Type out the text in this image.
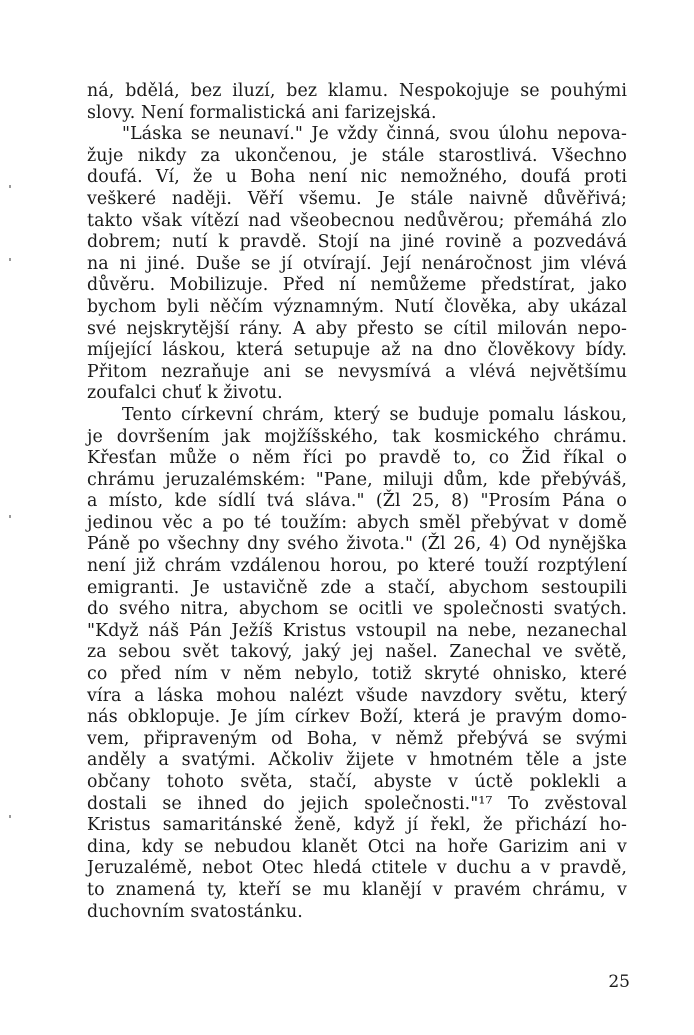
ná, bdělá, bez iluzí, bez klamu. Nespokojuje se pouhými
slovy. Není formalistická ani farizejská.
"Láska se neunaví." Je vždy činná, svou úlohu nepova-
žuje nikdy za ukončenou, je stále starostlivá. Všechno
doufá. Ví, že u Boha není nic nemožného, doufá proti
veškeré naději. Věří všemu. Je stále naivně důvěřivá;
takto však vítězí nad všeobecnou nedůvěrou; přemáhá zlo
dobrem; nutí k pravdě. Stojí na jiné rovině a pozvedává
na ni jiné. Duše se jí otvírají. Její nenáročnost jim vlévá
důvěru. Mobilizuje. Před ní nemůžeme předstírat, jako
bychom byli něčím významným. Nutí člověka, aby ukázal
své nejskrytější rány. A aby přesto se cítil milován nepo-
míjející láskou, která setupuje až na dno člověkovy bídy.
Přitom nezraňuje ani se nevysmívá a vlévá největšímu
zoufalci chuť k životu.
Tento církevní chrám, který se buduje pomalu láskou,
je dovršením jak mojžíšského, tak kosmického chrámu.
Křesťan může o něm říci po pravdě to, co Žid říkal o
chrámu jeruzalémském: "Pane, miluji dům, kde přebýváš,
a místo, kde sídlí tvá sláva." (Žl 25, 8) "Prosím Pána o
jedinou věc a po té toužím: abych směl přebývat v domě
Páně po všechny dny svého života." (Žl 26, 4) Od nynějška
není již chrám vzdálenou horou, po které touží rozptýlení
emigranti. Je ustavičně zde a stačí, abychom sestoupili
do svého nitra, abychom se ocitli ve společnosti svatých.
"Když náš Pán Ježíš Kristus vstoupil na nebe, nezanechal
za sebou svět takový, jaký jej našel. Zanechal ve světě,
co před ním v něm nebylo, totiž skryté ohnisko, které
víra a láska mohou nalézt všude navzdory světu, který
nás obklopuje. Je jím církev Boží, která je pravým domo-
vem, připraveným od Boha, v němž přebývá se svými
anděly a svatými. Ačkoliv žijete v hmotném těle a jste
občany tohoto světa, stačí, abyste v úctě poklekli a
dostali se ihned do jejich společnosti."¹⁷ To zvěstoval
Kristus samaritánské ženě, když jí řekl, že přichází ho-
dina, kdy se nebudou klanět Otci na hoře Garizim ani v
Jeruzalémě, nebot Otec hledá ctitele v duchu a v pravdě,
to znamená ty, kteří se mu klanějí v pravém chrámu, v
duchovním svatostánku.
25
